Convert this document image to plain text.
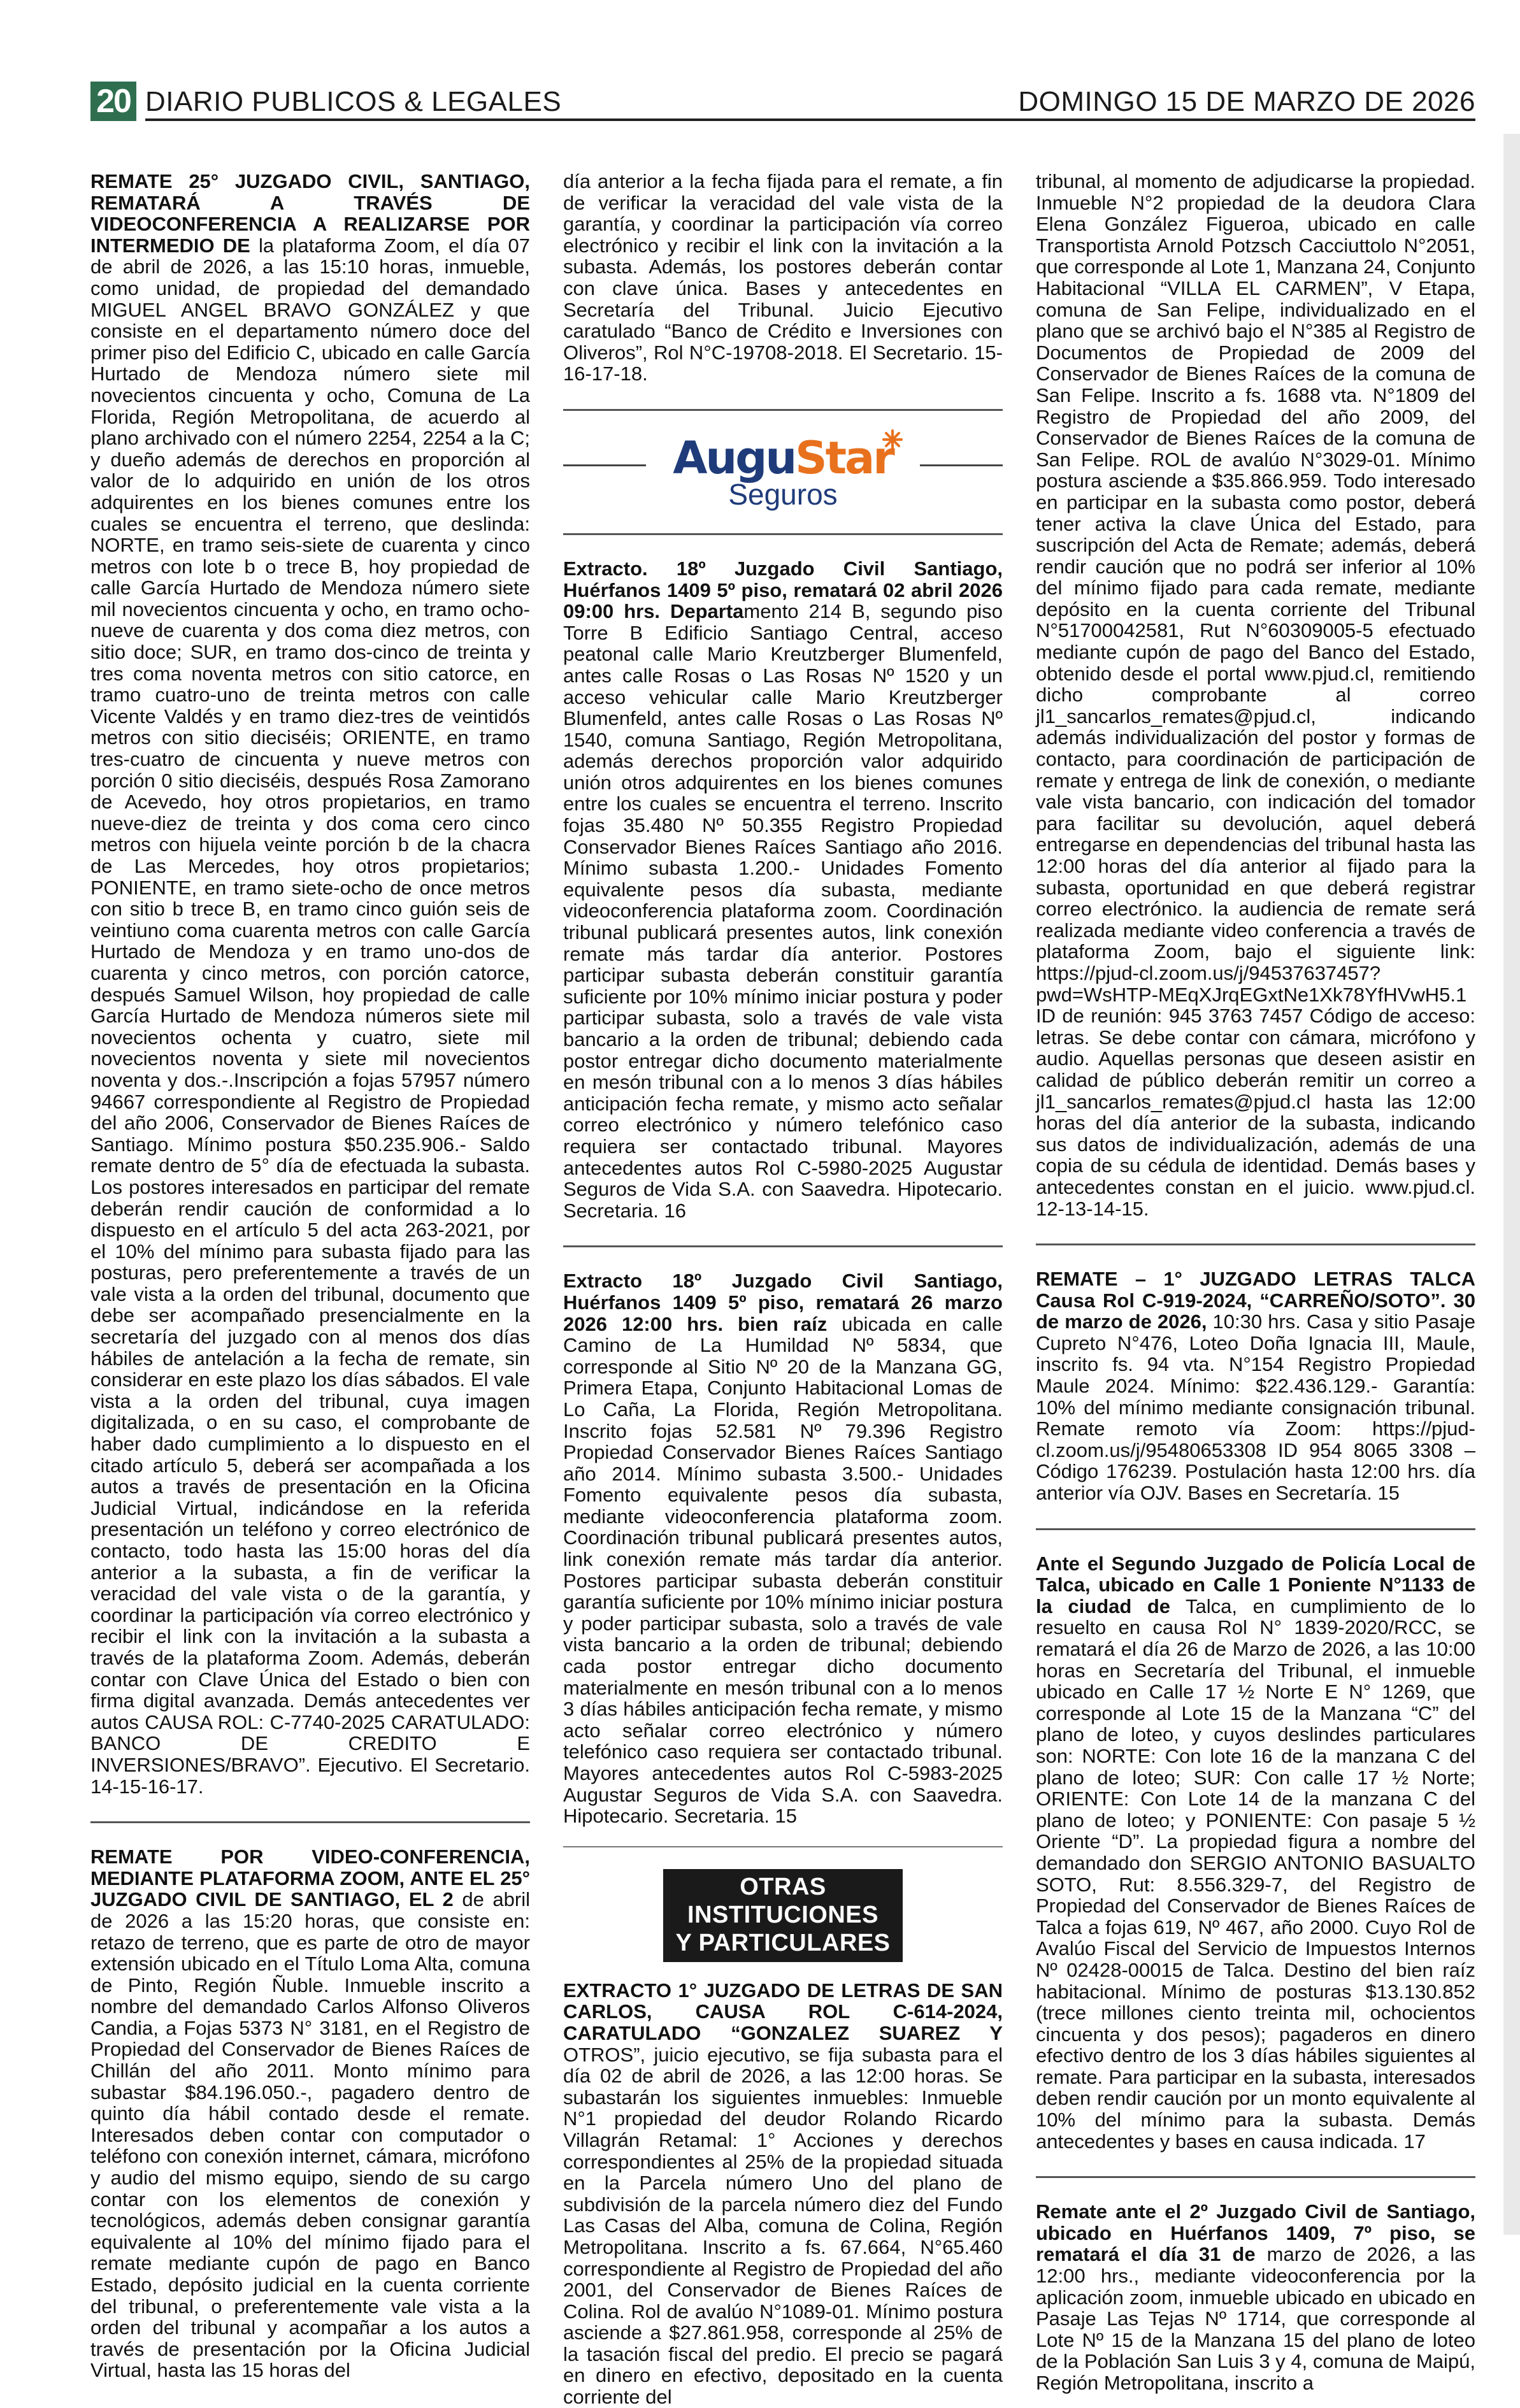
20 DIARIO PUBLICOS & LEGALES	DOMINGO 15 DE MARZO DE 2026

REMATE 25° JUZGADO CIVIL, SANTIAGO, REMATARÁ A TRAVÉS DE VIDEOCONFERENCIA A REALIZARSE POR INTERMEDIO DE la plataforma Zoom, el día 07 de abril de 2026, a las 15:10 horas, inmueble, como unidad, de propiedad del demandado MIGUEL ANGEL BRAVO GONZÁLEZ y que consiste en el departamento número doce del primer piso del Edificio C, ubicado en calle García Hurtado de Mendoza número siete mil novecientos cincuenta y ocho, Comuna de La Florida, Región Metropolitana, de acuerdo al plano archivado con el número 2254, 2254 a la C; y dueño además de derechos en proporción al valor de lo adquirido en unión de los otros adquirentes en los bienes comunes entre los cuales se encuentra el terreno, que deslinda: NORTE, en tramo seis-siete de cuarenta y cinco metros con lote b o trece B, hoy propiedad de calle García Hurtado de Mendoza número siete mil novecientos cincuenta y ocho, en tramo ocho-nueve de cuarenta y dos coma diez metros, con sitio doce; SUR, en tramo dos-cinco de treinta y tres coma noventa metros con sitio catorce, en tramo cuatro-uno de treinta metros con calle Vicente Valdés y en tramo diez-tres de veintidós metros con sitio dieciséis; ORIENTE, en tramo tres-cuatro de cincuenta y nueve metros con porción 0 sitio dieciséis, después Rosa Zamorano de Acevedo, hoy otros propietarios, en tramo nueve-diez de treinta y dos coma cero cinco metros con hijuela veinte porción b de la chacra de Las Mercedes, hoy otros propietarios; PONIENTE, en tramo siete-ocho de once metros con sitio b trece B, en tramo cinco guión seis de veintiuno coma cuarenta metros con calle García Hurtado de Mendoza y en tramo uno-dos de cuarenta y cinco metros, con porción catorce, después Samuel Wilson, hoy propiedad de calle García Hurtado de Mendoza números siete mil novecientos ochenta y cuatro, siete mil novecientos noventa y siete mil novecientos noventa y dos.-.Inscripción a fojas 57957 número 94667 correspondiente al Registro de Propiedad del año 2006, Conservador de Bienes Raíces de Santiago. Mínimo postura $50.235.906.- Saldo remate dentro de 5° día de efectuada la subasta. Los postores interesados en participar del remate deberán rendir caución de conformidad a lo dispuesto en el artículo 5 del acta 263-2021, por el 10% del mínimo para subasta fijado para las posturas, pero preferentemente a través de un vale vista a la orden del tribunal, documento que debe ser acompañado presencialmente en la secretaría del juzgado con al menos dos días hábiles de antelación a la fecha de remate, sin considerar en este plazo los días sábados. El vale vista a la orden del tribunal, cuya imagen digitalizada, o en su caso, el comprobante de haber dado cumplimiento a lo dispuesto en el citado artículo 5, deberá ser acompañada a los autos a través de presentación en la Oficina Judicial Virtual, indicándose en la referida presentación un teléfono y correo electrónico de contacto, todo hasta las 15:00 horas del día anterior a la subasta, a fin de verificar la veracidad del vale vista o de la garantía, y coordinar la participación vía correo electrónico y recibir el link con la invitación a la subasta a través de la plataforma Zoom. Además, deberán contar con Clave Única del Estado o bien con firma digital avanzada. Demás antecedentes ver autos CAUSA ROL: C-7740-2025 CARATULADO: BANCO DE CREDITO E INVERSIONES/BRAVO”. Ejecutivo. El Secretario. 14-15-16-17.

REMATE POR VIDEO-CONFERENCIA, MEDIANTE PLATAFORMA ZOOM, ANTE EL 25° JUZGADO CIVIL DE SANTIAGO, EL 2 de abril de 2026 a las 15:20 horas, que consiste en: retazo de terreno, que es parte de otro de mayor extensión ubicado en el Título Loma Alta, comuna de Pinto, Región Ñuble. Inmueble inscrito a nombre del demandado Carlos Alfonso Oliveros Candia, a Fojas 5373 N° 3181, en el Registro de Propiedad del Conservador de Bienes Raíces de Chillán del año 2011. Monto mínimo para subastar $84.196.050.-, pagadero dentro de quinto día hábil contado desde el remate. Interesados deben contar con computador o teléfono con conexión internet, cámara, micrófono y audio del mismo equipo, siendo de su cargo contar con los elementos de conexión y tecnológicos, además deben consignar garantía equivalente al 10% del mínimo fijado para el remate mediante cupón de pago en Banco Estado, depósito judicial en la cuenta corriente del tribunal, o preferentemente vale vista a la orden del tribunal y acompañar a los autos a través de presentación por la Oficina Judicial Virtual, hasta las 15 horas del

día anterior a la fecha fijada para el remate, a fin de verificar la veracidad del vale vista de la garantía, y coordinar la participación vía correo electrónico y recibir el link con la invitación a la subasta. Además, los postores deberán contar con clave única. Bases y antecedentes en Secretaría del Tribunal. Juicio Ejecutivo caratulado “Banco de Crédito e Inversiones con Oliveros”, Rol N°C-19708-2018. El Secretario. 15-16-17-18.

AuguStar
Seguros

Extracto. 18º Juzgado Civil Santiago, Huérfanos 1409 5º piso, rematará 02 abril 2026 09:00 hrs. Departamento 214 B, segundo piso Torre B Edificio Santiago Central, acceso peatonal calle Mario Kreutzberger Blumenfeld, antes calle Rosas o Las Rosas Nº 1520 y un acceso vehicular calle Mario Kreutzberger Blumenfeld, antes calle Rosas o Las Rosas Nº 1540, comuna Santiago, Región Metropolitana, además derechos proporción valor adquirido unión otros adquirentes en los bienes comunes entre los cuales se encuentra el terreno. Inscrito fojas 35.480 Nº 50.355 Registro Propiedad Conservador Bienes Raíces Santiago año 2016. Mínimo subasta 1.200.- Unidades Fomento equivalente pesos día subasta, mediante videoconferencia plataforma zoom. Coordinación tribunal publicará presentes autos, link conexión remate más tardar día anterior. Postores participar subasta deberán constituir garantía suficiente por 10% mínimo iniciar postura y poder participar subasta, solo a través de vale vista bancario a la orden de tribunal; debiendo cada postor entregar dicho documento materialmente en mesón tribunal con a lo menos 3 días hábiles anticipación fecha remate, y mismo acto señalar correo electrónico y número telefónico caso requiera ser contactado tribunal. Mayores antecedentes autos Rol C-5980-2025 Augustar Seguros de Vida S.A. con Saavedra. Hipotecario. Secretaria. 16

Extracto 18º Juzgado Civil Santiago, Huérfanos 1409 5º piso, rematará 26 marzo 2026 12:00 hrs. bien raíz ubicada en calle Camino de La Humildad Nº 5834, que corresponde al Sitio Nº 20 de la Manzana GG, Primera Etapa, Conjunto Habitacional Lomas de Lo Caña, La Florida, Región Metropolitana. Inscrito fojas 52.581 Nº 79.396 Registro Propiedad Conservador Bienes Raíces Santiago año 2014. Mínimo subasta 3.500.- Unidades Fomento equivalente pesos día subasta, mediante videoconferencia plataforma zoom. Coordinación tribunal publicará presentes autos, link conexión remate más tardar día anterior. Postores participar subasta deberán constituir garantía suficiente por 10% mínimo iniciar postura y poder participar subasta, solo a través de vale vista bancario a la orden de tribunal; debiendo cada postor entregar dicho documento materialmente en mesón tribunal con a lo menos 3 días hábiles anticipación fecha remate, y mismo acto señalar correo electrónico y número telefónico caso requiera ser contactado tribunal. Mayores antecedentes autos Rol C-5983-2025 Augustar Seguros de Vida S.A. con Saavedra. Hipotecario. Secretaria. 15

OTRAS INSTITUCIONES
Y PARTICULARES

EXTRACTO 1° JUZGADO DE LETRAS DE SAN CARLOS, CAUSA ROL C-614-2024, CARATULADO “GONZALEZ SUAREZ Y OTROS”, juicio ejecutivo, se fija subasta para el día 02 de abril de 2026, a las 12:00 horas. Se subastarán los siguientes inmuebles: Inmueble N°1 propiedad del deudor Rolando Ricardo Villagrán Retamal: 1° Acciones y derechos correspondientes al 25% de la propiedad situada en la Parcela número Uno del plano de subdivisión de la parcela número diez del Fundo Las Casas del Alba, comuna de Colina, Región Metropolitana. Inscrito a fs. 67.664, N°65.460 correspondiente al Registro de Propiedad del año 2001, del Conservador de Bienes Raíces de Colina. Rol de avalúo N°1089-01. Mínimo postura asciende a $27.861.958, corresponde al 25% de la tasación fiscal del predio. El precio se pagará en dinero en efectivo, depositado en la cuenta corriente del

tribunal, al momento de adjudicarse la propiedad. Inmueble N°2 propiedad de la deudora Clara Elena González Figueroa, ubicado en calle Transportista Arnold Potzsch Cacciuttolo N°2051, que corresponde al Lote 1, Manzana 24, Conjunto Habitacional “VILLA EL CARMEN”, V Etapa, comuna de San Felipe, individualizado en el plano que se archivó bajo el N°385 al Registro de Documentos de Propiedad de 2009 del Conservador de Bienes Raíces de la comuna de San Felipe. Inscrito a fs. 1688 vta. N°1809 del Registro de Propiedad del año 2009, del Conservador de Bienes Raíces de la comuna de San Felipe. ROL de avalúo N°3029-01. Mínimo postura asciende a $35.866.959. Todo interesado en participar en la subasta como postor, deberá tener activa la clave Única del Estado, para suscripción del Acta de Remate; además, deberá rendir caución que no podrá ser inferior al 10% del mínimo fijado para cada remate, mediante depósito en la cuenta corriente del Tribunal N°51700042581, Rut N°60309005-5 efectuado mediante cupón de pago del Banco del Estado, obtenido desde el portal www.pjud.cl, remitiendo dicho comprobante al correo jl1_sancarlos_remates@pjud.cl, indicando además individualización del postor y formas de contacto, para coordinación de participación de remate y entrega de link de conexión, o mediante vale vista bancario, con indicación del tomador para facilitar su devolución, aquel deberá entregarse en dependencias del tribunal hasta las 12:00 horas del día anterior al fijado para la subasta, oportunidad en que deberá registrar correo electrónico. la audiencia de remate será realizada mediante video conferencia a través de plataforma Zoom, bajo el siguiente link: https://pjud-cl.zoom.us/j/94537637457?pwd=WsHTP-MEqXJrqEGxtNe1Xk78YfHVwH5.1 ID de reunión: 945 3763 7457 Código de acceso: letras. Se debe contar con cámara, micrófono y audio. Aquellas personas que deseen asistir en calidad de público deberán remitir un correo a jl1_sancarlos_remates@pjud.cl hasta las 12:00 horas del día anterior de la subasta, indicando sus datos de individualización, además de una copia de su cédula de identidad. Demás bases y antecedentes constan en el juicio. www.pjud.cl. 12-13-14-15.

REMATE – 1° JUZGADO LETRAS TALCA Causa Rol C-919-2024, “CARREÑO/SOTO”. 30 de marzo de 2026, 10:30 hrs. Casa y sitio Pasaje Cupreto N°476, Loteo Doña Ignacia III, Maule, inscrito fs. 94 vta. N°154 Registro Propiedad Maule 2024. Mínimo: $22.436.129.- Garantía: 10% del mínimo mediante consignación tribunal. Remate remoto vía Zoom: https://pjud-cl.zoom.us/j/95480653308 ID 954 8065 3308 – Código 176239. Postulación hasta 12:00 hrs. día anterior vía OJV. Bases en Secretaría. 15

Ante el Segundo Juzgado de Policía Local de Talca, ubicado en Calle 1 Poniente N°1133 de la ciudad de Talca, en cumplimiento de lo resuelto en causa Rol N° 1839-2020/RCC, se rematará el día 26 de Marzo de 2026, a las 10:00 horas en Secretaría del Tribunal, el inmueble ubicado en Calle 17 ½ Norte E N° 1269, que corresponde al Lote 15 de la Manzana “C” del plano de loteo, y cuyos deslindes particulares son: NORTE: Con lote 16 de la manzana C del plano de loteo; SUR: Con calle 17 ½ Norte; ORIENTE: Con Lote 14 de la manzana C del plano de loteo; y PONIENTE: Con pasaje 5 ½ Oriente “D”. La propiedad figura a nombre del demandado don SERGIO ANTONIO BASUALTO SOTO, Rut: 8.556.329-7, del Registro de Propiedad del Conservador de Bienes Raíces de Talca a fojas 619, Nº 467, año 2000. Cuyo Rol de Avalúo Fiscal del Servicio de Impuestos Internos Nº 02428-00015 de Talca. Destino del bien raíz habitacional. Mínimo de posturas $13.130.852 (trece millones ciento treinta mil, ochocientos cincuenta y dos pesos); pagaderos en dinero efectivo dentro de los 3 días hábiles siguientes al remate. Para participar en la subasta, interesados deben rendir caución por un monto equivalente al 10% del mínimo para la subasta. Demás antecedentes y bases en causa indicada. 17

Remate ante el 2º Juzgado Civil de Santiago, ubicado en Huérfanos 1409, 7º piso, se rematará el día 31 de marzo de 2026, a las 12:00 hrs., mediante videoconferencia por la aplicación zoom, inmueble ubicado en ubicado en Pasaje Las Tejas Nº 1714, que corresponde al Lote Nº 15 de la Manzana 15 del plano de loteo de la Población San Luis 3 y 4, comuna de Maipú, Región Metropolitana, inscrito a
